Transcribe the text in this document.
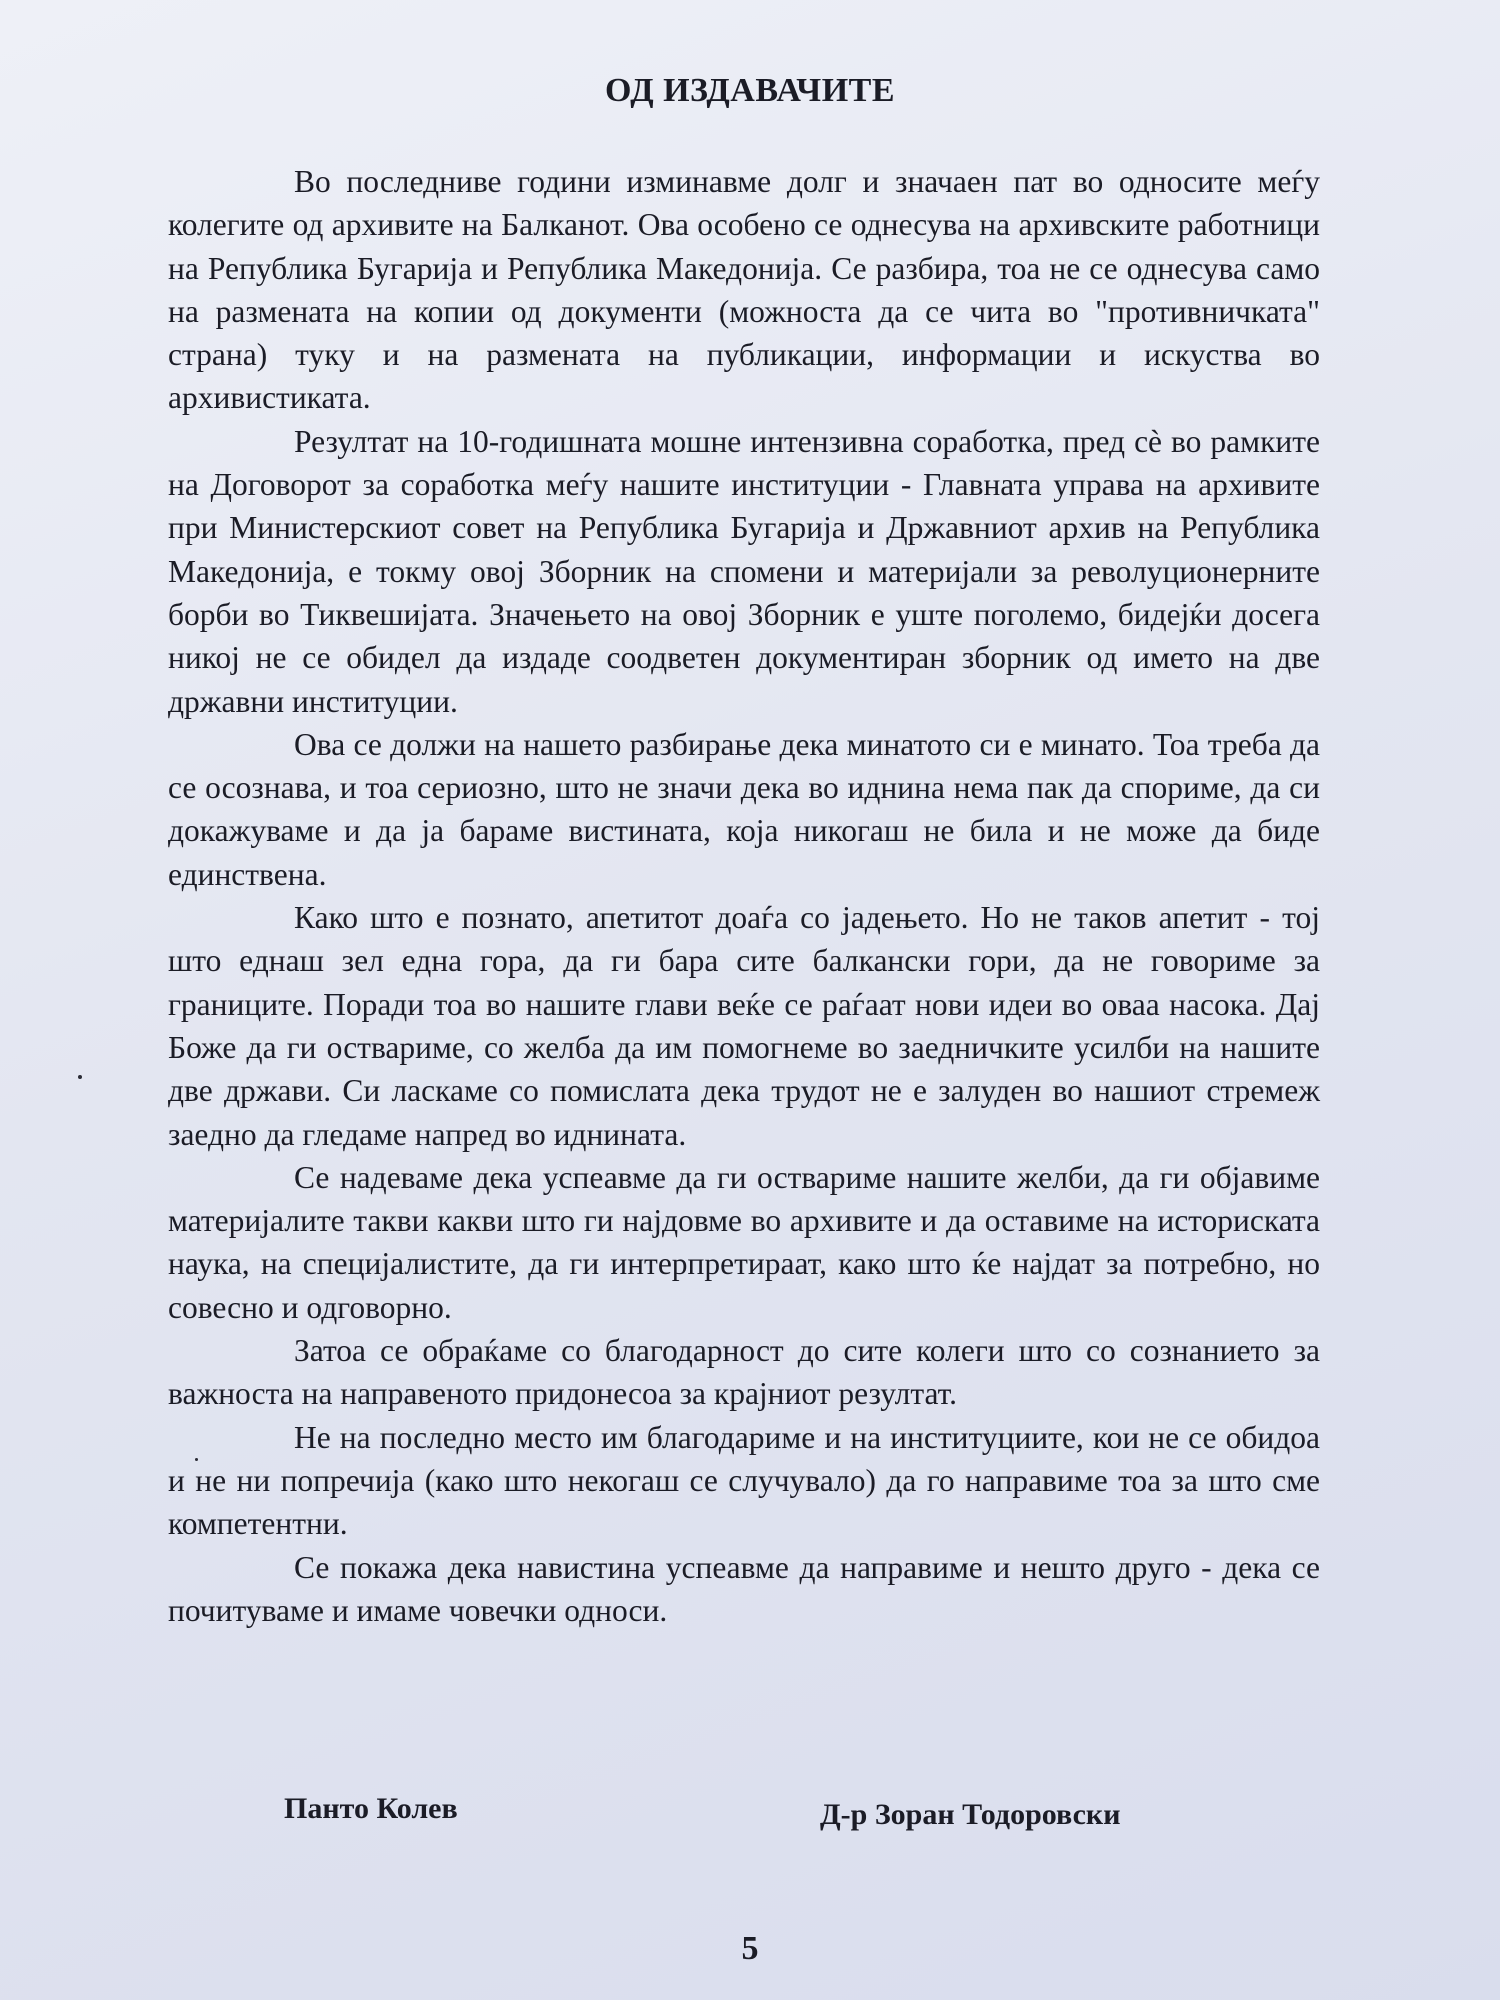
ОД ИЗДАВАЧИТЕ

Во последниве години изминавме долг и значаен пат во односите меѓу колегите од архивите на Балканот. Ова особено се однесува на архивските работници на Република Бугарија и Република Македонија. Се разбира, тоа не се однесува само на размената на копии од документи (можноста да се чита во "противничката" страна) туку и на размената на публикации, информации и искуства во архивистиката.

Резултат на 10-годишната мошне интензивна соработка, пред сè во рамките на Договорот за соработка меѓу нашите институции - Главната управа на архивите при Министерскиот совет на Република Бугарија и Државниот архив на Република Македонија, е токму овој Зборник на спомени и материјали за револуционерните борби во Тиквешијата. Значењето на овој Зборник е уште поголемо, бидејќи досега никој не се обидел да издаде соодветен документиран зборник од името на две државни институции.

Ова се должи на нашето разбирање дека минатото си е минато. Тоа треба да се осознава, и тоа сериозно, што не значи дека во иднина нема пак да спориме, да си докажуваме и да ја бараме вистината, која никогаш не била и не може да биде единствена.

Како што е познато, апетитот доаѓа со јадењето. Но не таков апетит - тој што еднаш зел една гора, да ги бара сите балкански гори, да не говориме за границите. Поради тоа во нашите глави веќе се раѓаат нови идеи во оваа насока. Дај Боже да ги оствариме, со желба да им помогнеме во заедничките усилби на нашите две држави. Си ласкаме со помислата дека трудот не е залуден во нашиот стремеж заедно да гледаме напред во иднината.

Се надеваме дека успеавме да ги оствариме нашите желби, да ги објавиме материјалите такви какви што ги најдовме во архивите и да оставиме на историската наука, на специјалистите, да ги интерпретираат, како што ќе најдат за потребно, но совесно и одговорно.

Затоа се обраќаме со благодарност до сите колеги што со сознанието за важноста на направеното придонесоа за крајниот резултат.

Не на последно место им благодариме и на институциите, кои не се обидоа и не ни попречија (како што некогаш се случувало) да го направиме тоа за што сме компетентни.

Се покажа дека навистина успеавме да направиме и нешто друго - дека се почитуваме и имаме човечки односи.

Панто Колев	Д-р Зоран Тодоровски
5
